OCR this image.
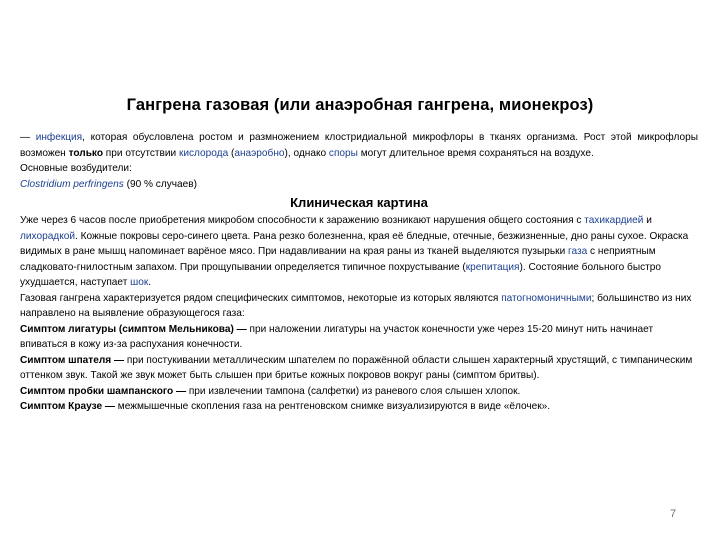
Гангрена газовая (или анаэробная гангрена, мионекроз)

— инфекция, которая обусловлена ростом и размножением клостридиальной микрофлоры в тканях организма. Рост этой микрофлоры возможен только при отсутствии кислорода (анаэробно), однако споры могут длительное время сохраняться на воздухе.

Основные возбудители:

Clostridium perfringens (90 % случаев)

Клиническая картина

Уже через 6 часов после приобретения микробом способности к заражению возникают нарушения общего состояния с тахикардией и лихорадкой. Кожные покровы серо-синего цвета. Рана резко болезненна, края её бледные, отечные, безжизненные, дно раны сухое. Окраска видимых в ране мышц напоминает варёное мясо. При надавливании на края раны из тканей выделяются пузырьки газа с неприятным сладковато-гнилостным запахом. При прощупывании определяется типичное похрустывание (крепитация). Состояние больного быстро ухудшается, наступает шок.

Газовая гангрена характеризуется рядом специфических симптомов, некоторые из которых являются патогномоничными; большинство из них направлено на выявление образующегося газа:

Симптом лигатуры (симптом Мельникова) — при наложении лигатуры на участок конечности уже через 15-20 минут нить начинает впиваться в кожу из-за распухания конечности.

Симптом шпателя — при постукивании металлическим шпателем по поражённой области слышен характерный хрустящий, с тимпаническим оттенком звук. Такой же звук может быть слышен при бритье кожных покровов вокруг раны (симптом бритвы).

Симптом пробки шампанского — при извлечении тампона (салфетки) из раневого слоя слышен хлопок.

Симптом Краузе — межмышечные скопления газа на рентгеновском снимке визуализируются в виде «ёлочек».

7
